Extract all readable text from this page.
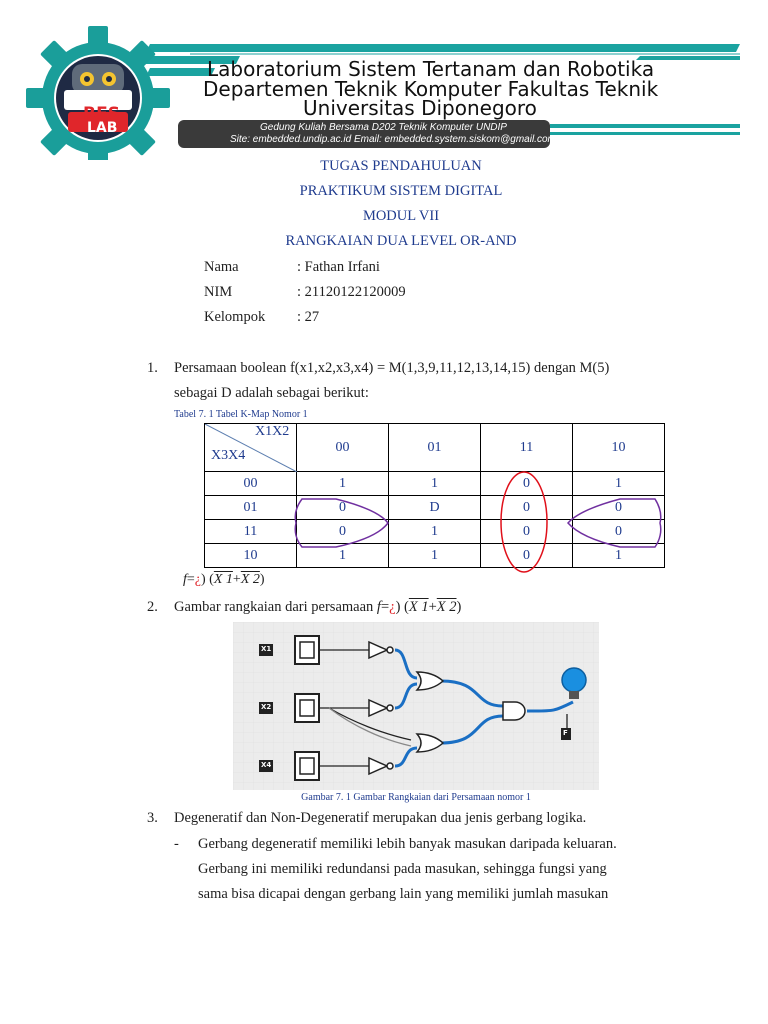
RES
LAB
Laboratorium Sistem Tertanam dan Robotika
Departemen Teknik Komputer Fakultas Teknik
Universitas Diponegoro
Gedung Kuliah Bersama D202 Teknik Komputer UNDIP
Site: embedded.undip.ac.id Email: embedded.system.siskom@gmail.com
TUGAS PENDAHULUAN
PRAKTIKUM SISTEM DIGITAL
MODUL VII
RANGKAIAN DUA LEVEL OR-AND
Nama	: Fathan Irfani
NIM	: 21120122120009
Kelompok : 27
1. Persamaan boolean f(x1,x2,x3,x4) = M(1,3,9,11,12,13,14,15) dengan M(5)
sebagai D adalah sebagai berikut:
Tabel 7. 1 Tabel K-Map Nomor 1
X1X2
X3X4	00	01	11	10
00	1	1	0	1
01	0	D	0	0
11	0	1	0	0
10	1	1	0	1
f=¿) (X 1+X 2)
2. Gambar rangkaian dari persamaan f=¿) (X 1+X 2)
X1
X2
X4
F
Gambar 7. 1 Gambar Rangkaian dari Persamaan nomor 1
3. Degeneratif dan Non-Degeneratif merupakan dua jenis gerbang logika.
- Gerbang degeneratif memiliki lebih banyak masukan daripada keluaran.
Gerbang ini memiliki redundansi pada masukan, sehingga fungsi yang
sama bisa dicapai dengan gerbang lain yang memiliki jumlah masukan
